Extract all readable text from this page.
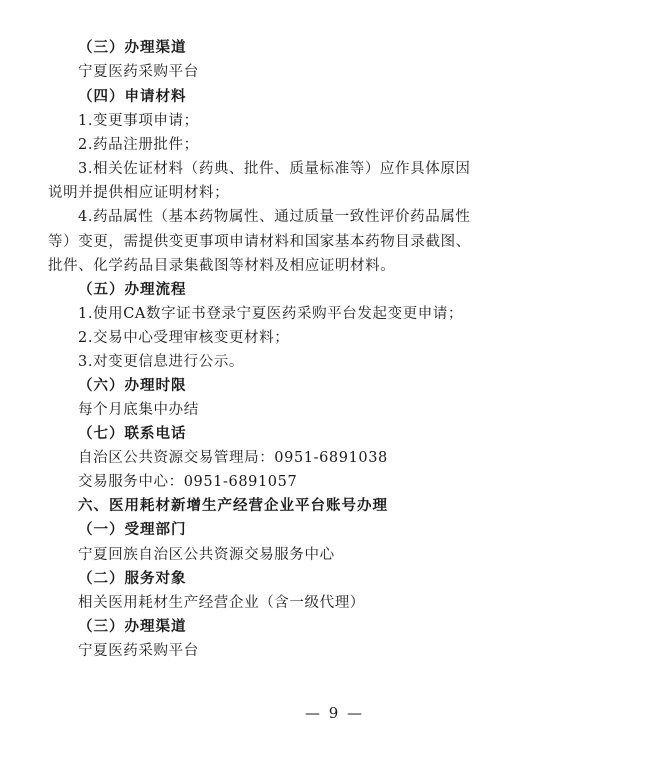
（三）办理渠道
宁夏医药采购平台
（四）申请材料
1.变更事项申请；
2.药品注册批件；
3.相关佐证材料（药典、批件、质量标准等）应作具体原因
说明并提供相应证明材料；
4.药品属性（基本药物属性、通过质量一致性评价药品属性
等）变更，需提供变更事项申请材料和国家基本药物目录截图、
批件、化学药品目录集截图等材料及相应证明材料。
（五）办理流程
1.使用CA数字证书登录宁夏医药采购平台发起变更申请；
2.交易中心受理审核变更材料；
3.对变更信息进行公示。
（六）办理时限
每个月底集中办结
（七）联系电话
自治区公共资源交易管理局：0951-6891038
交易服务中心：0951-6891057
六、医用耗材新增生产经营企业平台账号办理
（一）受理部门
宁夏回族自治区公共资源交易服务中心
（二）服务对象
相关医用耗材生产经营企业（含一级代理）
（三）办理渠道
宁夏医药采购平台
— 9 —
